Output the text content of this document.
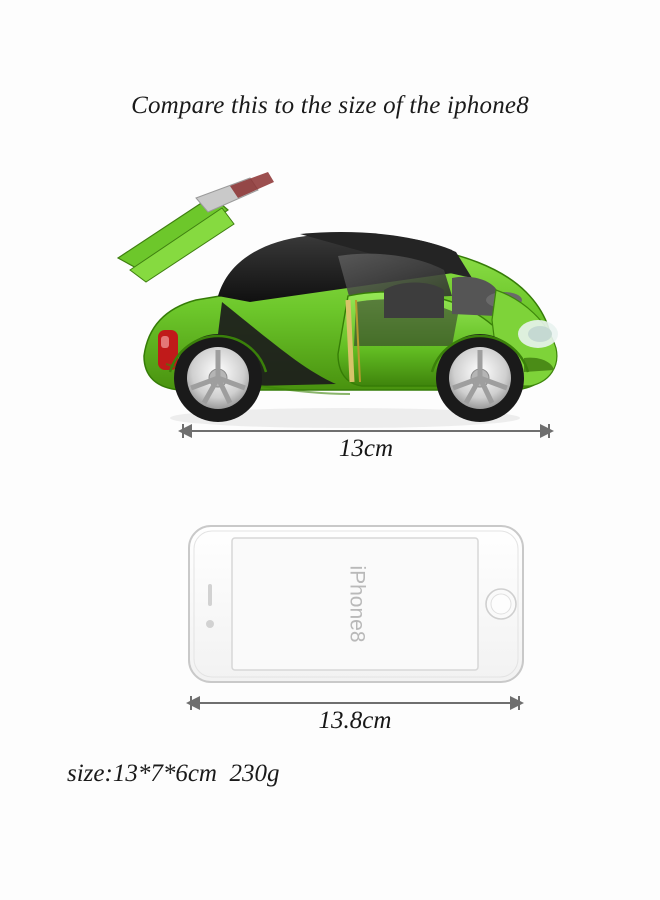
Compare this to the size of the iphone8
13cm
iPhone8
13.8cm
size:13*7*6cm  230g
